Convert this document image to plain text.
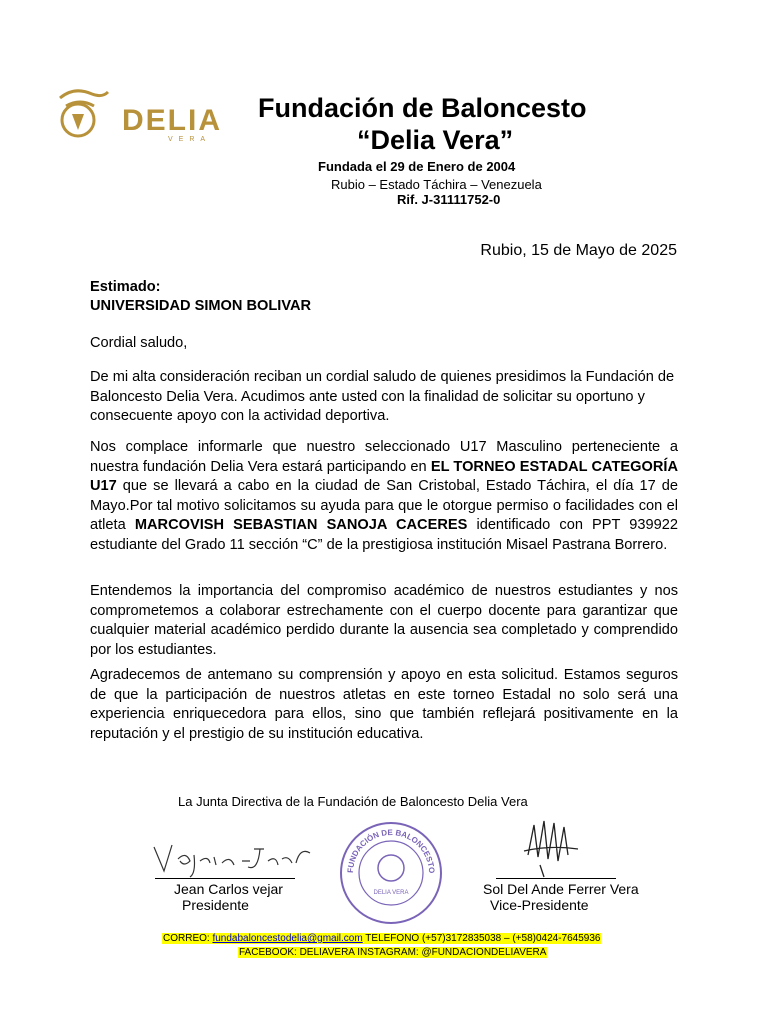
DELIA
VERA
Fundación de Baloncesto
“Delia Vera”
Fundada el 29 de Enero de 2004
Rubio – Estado Táchira – Venezuela
Rif. J-31111752-0
Rubio, 15 de Mayo de 2025
Estimado:
UNIVERSIDAD SIMON BOLIVAR
Cordial saludo,
De mi alta consideración reciban un cordial saludo de quienes presidimos la Fundación de Baloncesto Delia Vera. Acudimos ante usted con la finalidad de solicitar su oportuno y consecuente apoyo con la actividad deportiva.
Nos complace informarle que nuestro seleccionado U17 Masculino perteneciente a nuestra fundación Delia Vera estará participando en EL TORNEO ESTADAL CATEGORÍA U17 que se llevará a cabo en la ciudad de San Cristobal, Estado Táchira, el día 17 de Mayo.Por tal motivo solicitamos su ayuda para que le otorgue permiso o facilidades con el atleta MARCOVISH SEBASTIAN SANOJA CACERES identificado con PPT 939922 estudiante del Grado 11 sección “C” de la prestigiosa institución Misael Pastrana Borrero.
Entendemos la importancia del compromiso académico de nuestros estudiantes y nos comprometemos a colaborar estrechamente con el cuerpo docente para garantizar que cualquier material académico perdido durante la ausencia sea completado y comprendido por los estudiantes.
Agradecemos de antemano su comprensión y apoyo en esta solicitud. Estamos seguros de que la participación de nuestros atletas en este torneo Estadal no solo será una experiencia enriquecedora para ellos, sino que también reflejará positivamente en la reputación y el prestigio de su institución educativa.
La Junta Directiva de la Fundación de Baloncesto Delia Vera
Jean Carlos vejar
Presidente
FUNDACIÓN DE BALONCESTO
DELIA VERA	Sol Del Ande Ferrer Vera
Vice-Presidente
CORREO: fundabaloncestodelia@gmail.com TELEFONO (+57)3172835038 – (+58)0424-7645936
FACEBOOK: DELIAVERA INSTAGRAM: @FUNDACIONDELIAVERA
